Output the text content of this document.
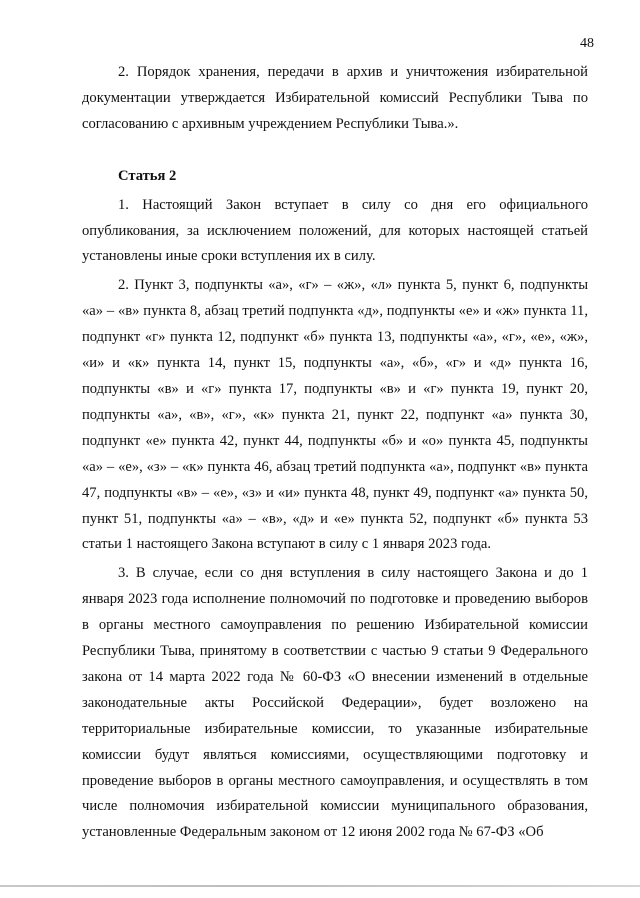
48

2. Порядок хранения, передачи в архив и уничтожения избирательной документации утверждается Избирательной комиссий Республики Тыва по согласованию с архивным учреждением Республики Тыва.».

Статья 2

1. Настоящий Закон вступает в силу со дня его официального опубликования, за исключением положений, для которых настоящей статьей установлены иные сроки вступления их в силу.

2. Пункт 3, подпункты «а», «г» – «ж», «л» пункта 5, пункт 6, подпункты «а» – «в» пункта 8, абзац третий подпункта «д», подпункты «е» и «ж» пункта 11, подпункт «г» пункта 12, подпункт «б» пункта 13, подпункты «а», «г», «е», «ж», «и» и «к» пункта 14, пункт 15, подпункты «а», «б», «г» и «д» пункта 16, подпункты «в» и «г» пункта 17, подпункты «в» и «г» пункта 19, пункт 20, подпункты «а», «в», «г», «к» пункта 21, пункт 22, подпункт «а» пункта 30, подпункт «е» пункта 42, пункт 44, подпункты «б» и «о» пункта 45, подпункты «а» – «е», «з» – «к» пункта 46, абзац третий подпункта «а», подпункт «в» пункта 47, подпункты «в» – «е», «з» и «и» пункта 48, пункт 49, подпункт «а» пункта 50, пункт 51, подпункты «а» – «в», «д» и «е» пункта 52, подпункт «б» пункта 53 статьи 1 настоящего Закона вступают в силу с 1 января 2023 года.

3. В случае, если со дня вступления в силу настоящего Закона и до 1 января 2023 года исполнение полномочий по подготовке и проведению выборов в органы местного самоуправления по решению Избирательной комиссии Республики Тыва, принятому в соответствии с частью 9 статьи 9 Федерального закона от 14 марта 2022 года № 60-ФЗ «О внесении изменений в отдельные законодательные акты Российской Федерации», будет возложено на территориальные избирательные комиссии, то указанные избирательные комиссии будут являться комиссиями, осуществляющими подготовку и проведение выборов в органы местного самоуправления, и осуществлять в том числе полномочия избирательной комиссии муниципального образования, установленные Федеральным законом от 12 июня 2002 года № 67-ФЗ «Об
